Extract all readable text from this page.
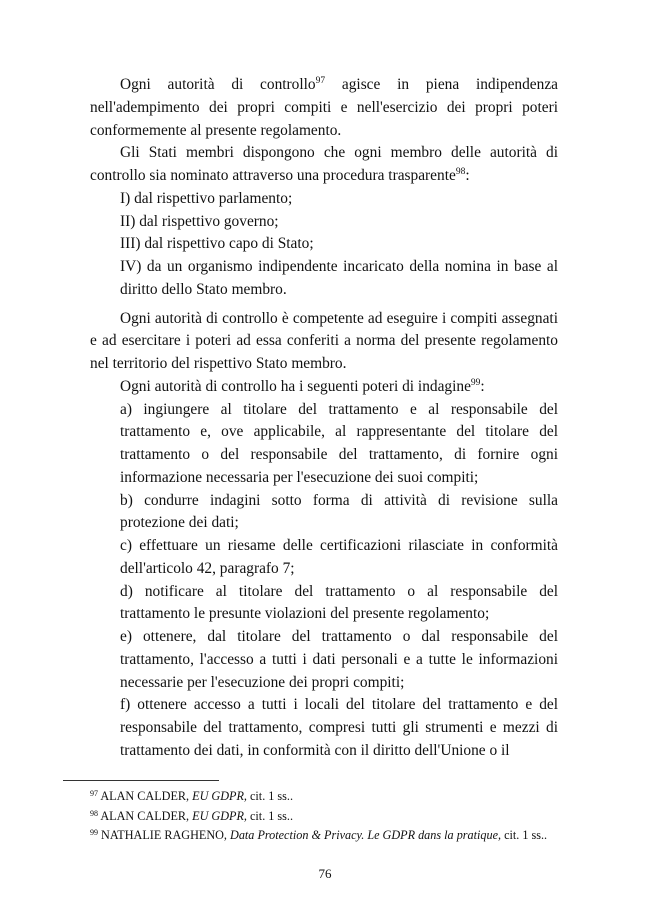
Ogni autorità di controllo$^{97}$ agisce in piena indipendenza nell'adempimento dei propri compiti e nell'esercizio dei propri poteri conformemente al presente regolamento.

Gli Stati membri dispongono che ogni membro delle autorità di controllo sia nominato attraverso una procedura trasparente$^{98}$:

I) dal rispettivo parlamento;

II) dal rispettivo governo;

III) dal rispettivo capo di Stato;

IV) da un organismo indipendente incaricato della nomina in base al diritto dello Stato membro.

Ogni autorità di controllo è competente ad eseguire i compiti assegnati e ad esercitare i poteri ad essa conferiti a norma del presente regolamento nel territorio del rispettivo Stato membro.

Ogni autorità di controllo ha i seguenti poteri di indagine$^{99}$:

a) ingiungere al titolare del trattamento e al responsabile del trattamento e, ove applicabile, al rappresentante del titolare del trattamento o del responsabile del trattamento, di fornire ogni informazione necessaria per l'esecuzione dei suoi compiti;

b) condurre indagini sotto forma di attività di revisione sulla protezione dei dati;

c) effettuare un riesame delle certificazioni rilasciate in conformità dell'articolo 42, paragrafo 7;

d) notificare al titolare del trattamento o al responsabile del trattamento le presunte violazioni del presente regolamento;

e) ottenere, dal titolare del trattamento o dal responsabile del trattamento, l'accesso a tutti i dati personali e a tutte le informazioni necessarie per l'esecuzione dei propri compiti;

f) ottenere accesso a tutti i locali del titolare del trattamento e del responsabile del trattamento, compresi tutti gli strumenti e mezzi di trattamento dei dati, in conformità con il diritto dell'Unione o il

$^{97}$ ALAN CALDER, EU GDPR, cit. 1 ss..

$^{98}$ ALAN CALDER, EU GDPR, cit. 1 ss..

$^{99}$ NATHALIE RAGHENO, Data Protection & Privacy. Le GDPR dans la pratique, cit. 1 ss..

76
